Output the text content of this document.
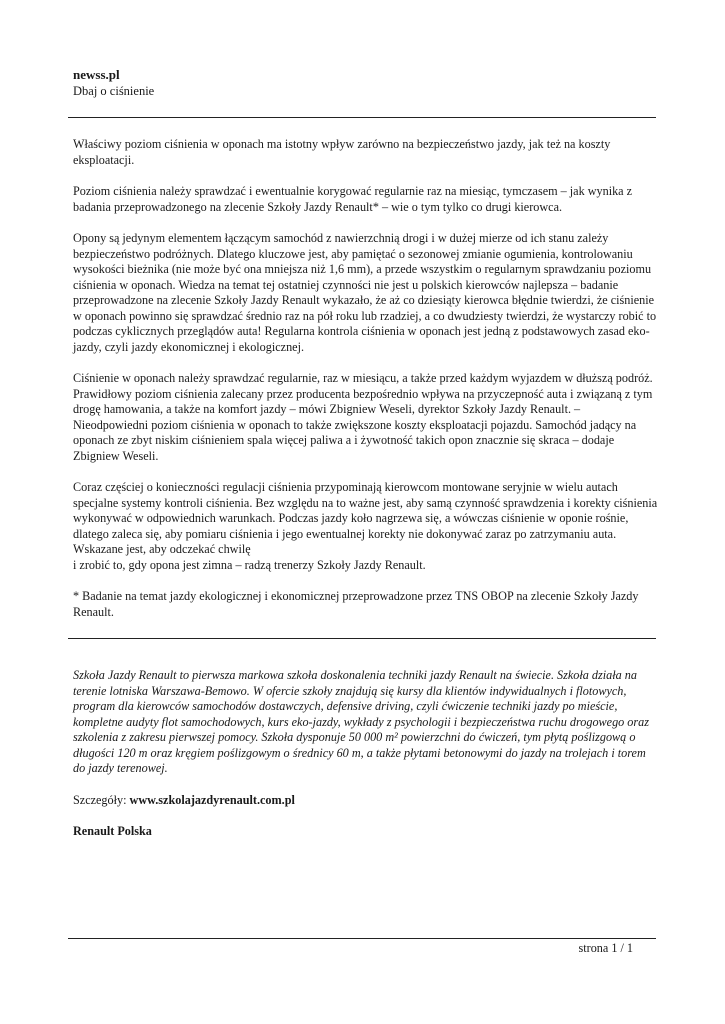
newss.pl
Dbaj o ciśnienie

Właściwy poziom ciśnienia w oponach ma istotny wpływ zarówno na bezpieczeństwo jazdy, jak też na koszty eksploatacji.

Poziom ciśnienia należy sprawdzać i ewentualnie korygować regularnie raz na miesiąc, tymczasem – jak wynika z badania przeprowadzonego na zlecenie Szkoły Jazdy Renault* – wie o tym tylko co drugi kierowca.

Opony są jedynym elementem łączącym samochód z nawierzchnią drogi i w dużej mierze od ich stanu zależy bezpieczeństwo podróżnych. Dlatego kluczowe jest, aby pamiętać o sezonowej zmianie ogumienia, kontrolowaniu wysokości bieżnika (nie może być ona mniejsza niż 1,6 mm), a przede wszystkim o regularnym sprawdzaniu poziomu ciśnienia w oponach. Wiedza na temat tej ostatniej czynności nie jest u polskich kierowców najlepsza – badanie przeprowadzone na zlecenie Szkoły Jazdy Renault wykazało, że aż co dziesiąty kierowca błędnie twierdzi, że ciśnienie w oponach powinno się sprawdzać średnio raz na pół roku lub rzadziej, a co dwudziesty twierdzi, że wystarczy robić to podczas cyklicznych przeglądów auta! Regularna kontrola ciśnienia w oponach jest jedną z podstawowych zasad eko-jazdy, czyli jazdy ekonomicznej i ekologicznej.

Ciśnienie w oponach należy sprawdzać regularnie, raz w miesiącu, a także przed każdym wyjazdem w dłuższą podróż. Prawidłowy poziom ciśnienia zalecany przez producenta bezpośrednio wpływa na przyczepność auta i związaną z tym drogę hamowania, a także na komfort jazdy – mówi Zbigniew Weseli, dyrektor Szkoły Jazdy Renault. – Nieodpowiedni poziom ciśnienia w oponach to także zwiększone koszty eksploatacji pojazdu. Samochód jadący na oponach ze zbyt niskim ciśnieniem spala więcej paliwa a i żywotność takich opon znacznie się skraca – dodaje Zbigniew Weseli.

Coraz częściej o konieczności regulacji ciśnienia przypominają kierowcom montowane seryjnie w wielu autach specjalne systemy kontroli ciśnienia. Bez względu na to ważne jest, aby samą czynność sprawdzenia i korekty ciśnienia wykonywać w odpowiednich warunkach. Podczas jazdy koło nagrzewa się, a wówczas ciśnienie w oponie rośnie, dlatego zaleca się, aby pomiaru ciśnienia i jego ewentualnej korekty nie dokonywać zaraz po zatrzymaniu auta. Wskazane jest, aby odczekać chwilę
i zrobić to, gdy opona jest zimna – radzą trenerzy Szkoły Jazdy Renault.

* Badanie na temat jazdy ekologicznej i ekonomicznej przeprowadzone przez TNS OBOP na zlecenie Szkoły Jazdy Renault.

Szkoła Jazdy Renault to pierwsza markowa szkoła doskonalenia techniki jazdy Renault na świecie. Szkoła działa na terenie lotniska Warszawa-Bemowo. W ofercie szkoły znajdują się kursy dla klientów indywidualnych i flotowych, program dla kierowców samochodów dostawczych, defensive driving, czyli ćwiczenie techniki jazdy po mieście, kompletne audyty flot samochodowych, kurs eko-jazdy, wykłady z psychologii i bezpieczeństwa ruchu drogowego oraz szkolenia z zakresu pierwszej pomocy. Szkoła dysponuje 50 000 m² powierzchni do ćwiczeń, tym płytą poślizgową o długości 120 m oraz kręgiem poślizgowym o średnicy 60 m, a także płytami betonowymi do jazdy na trolejach i torem do jazdy terenowej.

Szczegóły: www.szkolajazdyrenault.com.pl

Renault Polska

strona 1 / 1
